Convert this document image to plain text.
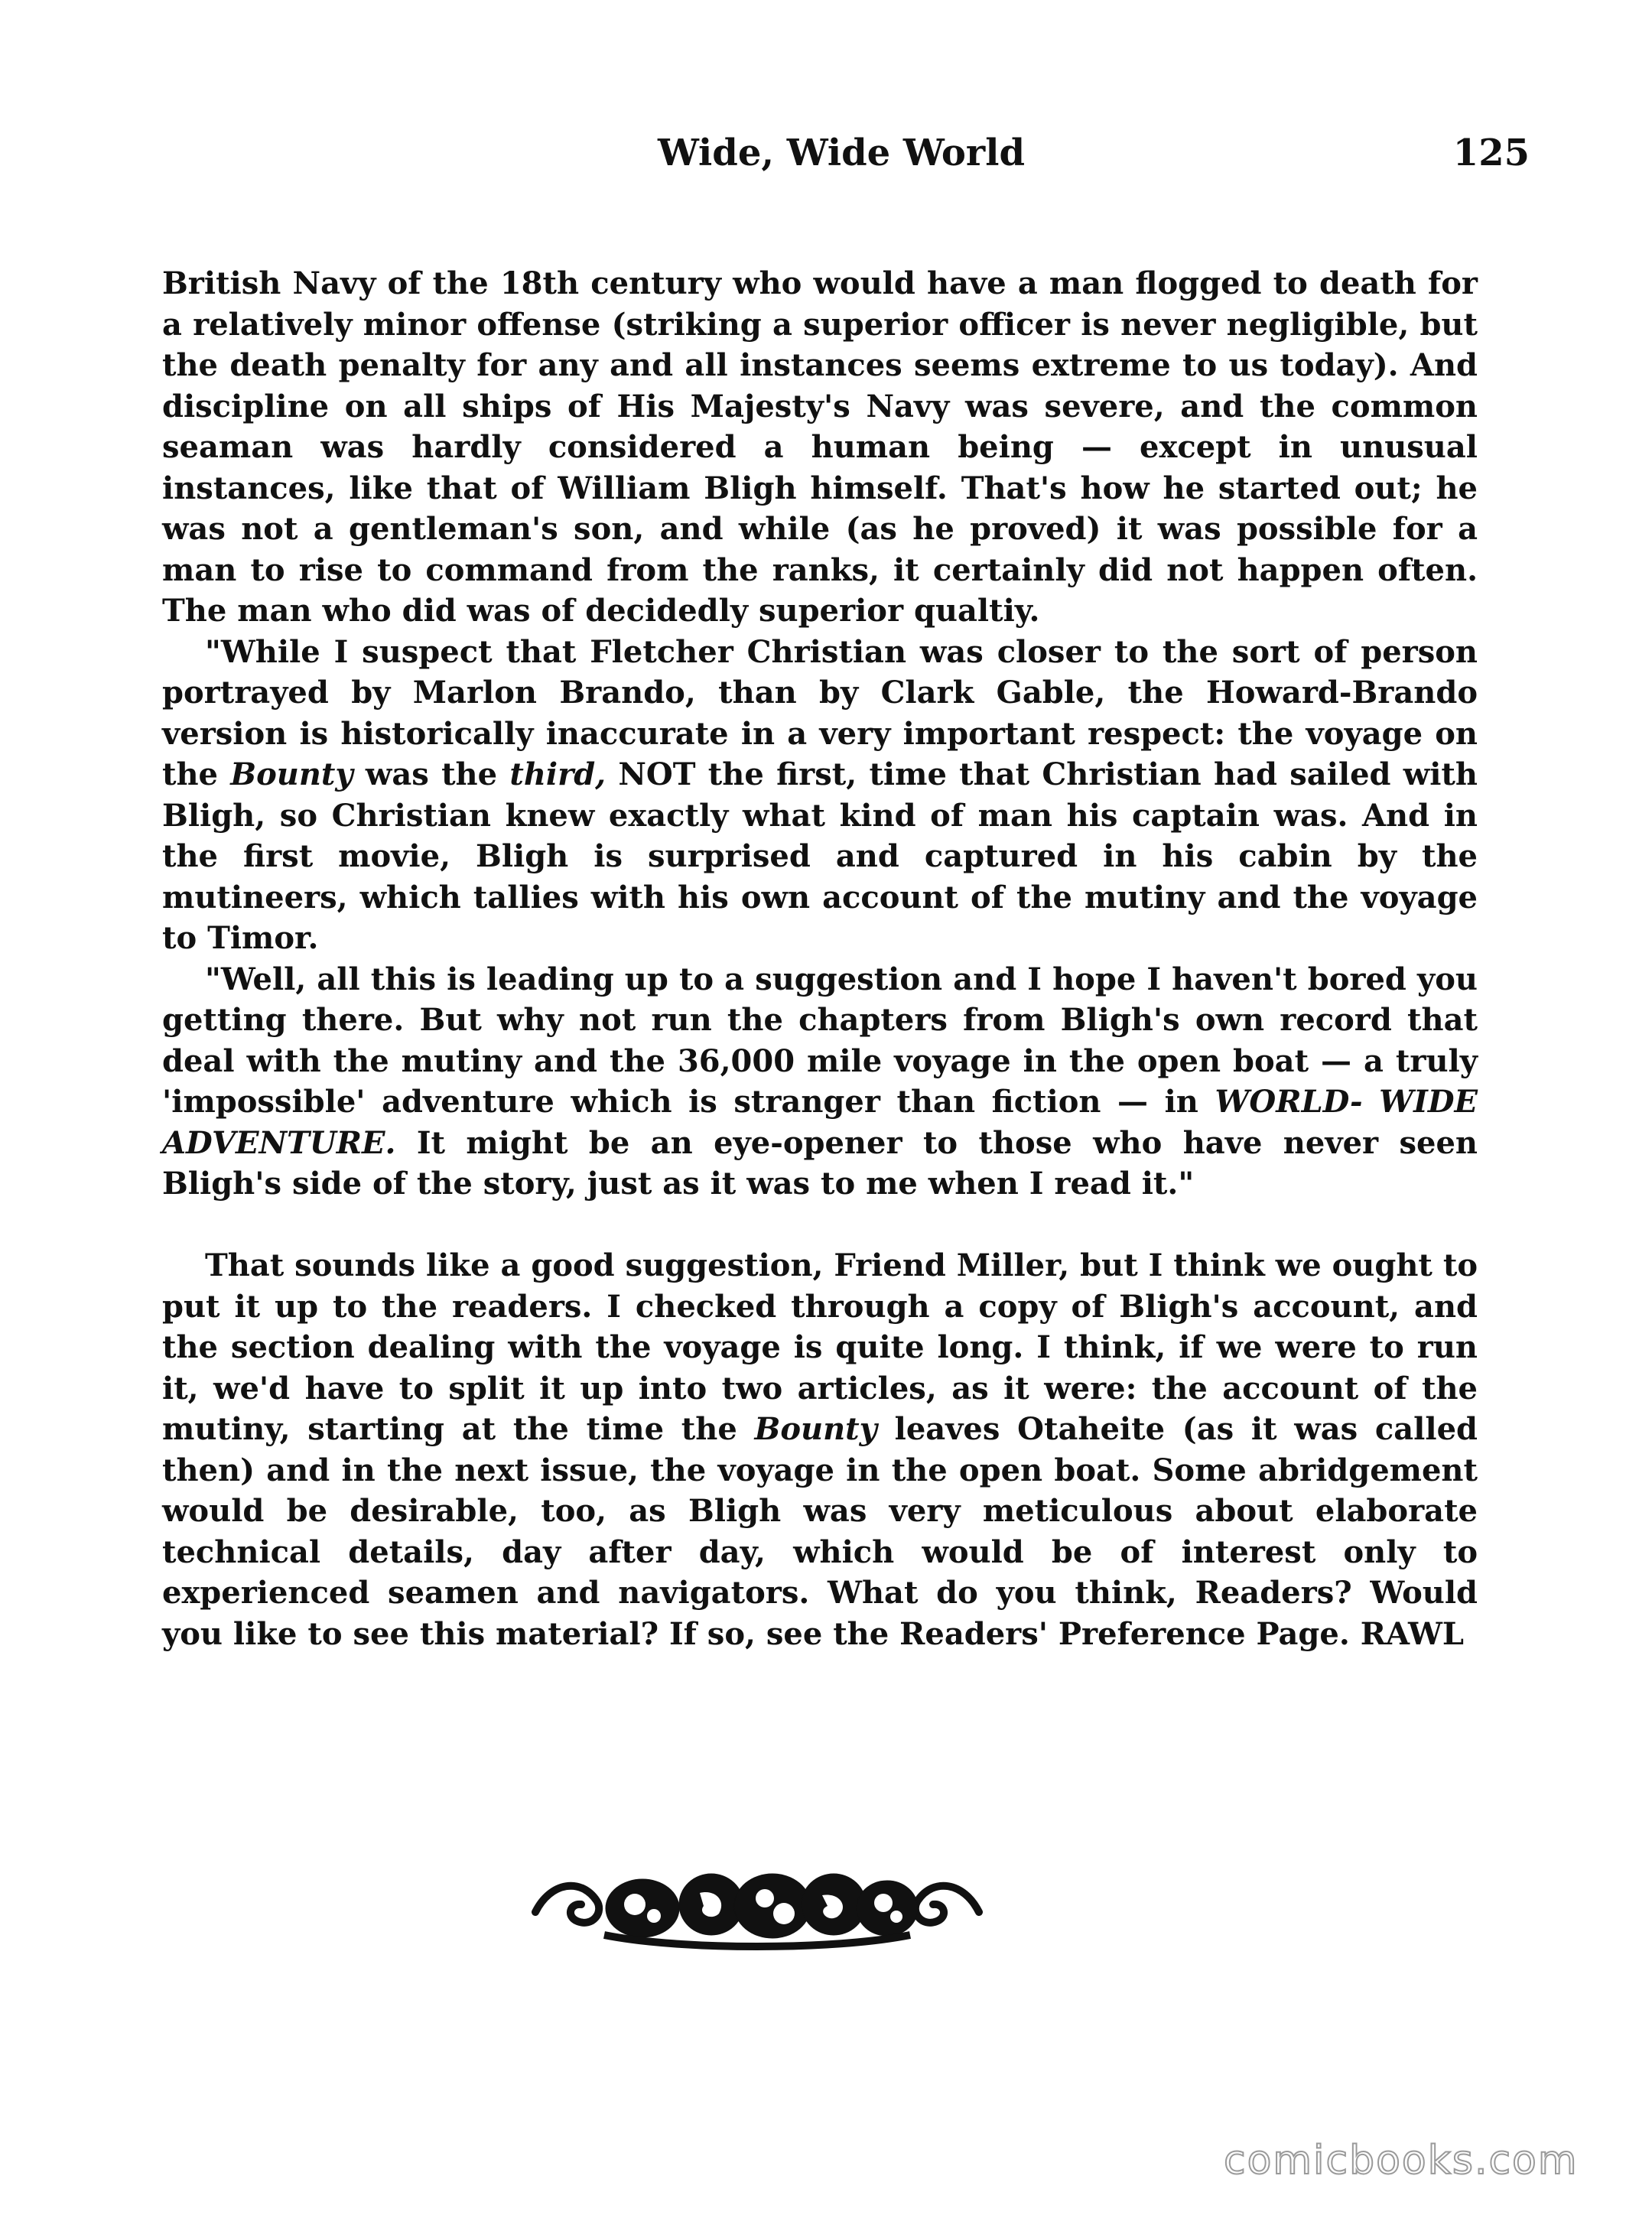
Wide, Wide World	125

British Navy of the 18th century who would have a man flogged to death for a relatively minor offense (striking a superior officer is never negligible, but the death penalty for any and all instances seems extreme to us today). And discipline on all ships of His Majesty's Navy was severe, and the common seaman was hardly considered a human being — except in unusual instances, like that of William Bligh himself. That's how he started out; he was not a gentleman's son, and while (as he proved) it was possible for a man to rise to command from the ranks, it certainly did not happen often. The man who did was of decidedly superior qualtiy.

"While I suspect that Fletcher Christian was closer to the sort of person portrayed by Marlon Brando, than by Clark Gable, the Howard-Brando version is historically inaccurate in a very important respect: the voyage on the Bounty was the third, NOT the first, time that Christian had sailed with Bligh, so Christian knew exactly what kind of man his captain was. And in the first movie, Bligh is surprised and captured in his cabin by the mutineers, which tallies with his own account of the mutiny and the voyage to Timor.

"Well, all this is leading up to a suggestion and I hope I haven't bored you getting there. But why not run the chapters from Bligh's own record that deal with the mutiny and the 36,000 mile voyage in the open boat — a truly 'impossible' adventure which is stranger than fiction — in WORLD- WIDE ADVENTURE. It might be an eye-opener to those who have never seen Bligh's side of the story, just as it was to me when I read it."

That sounds like a good suggestion, Friend Miller, but I think we ought to put it up to the readers. I checked through a copy of Bligh's account, and the section dealing with the voyage is quite long. I think, if we were to run it, we'd have to split it up into two articles, as it were: the account of the mutiny, starting at the time the Bounty leaves Otaheite (as it was called then) and in the next issue, the voyage in the open boat. Some abridgement would be desirable, too, as Bligh was very meticulous about elaborate technical details, day after day, which would be of interest only to experienced seamen and navigators. What do you think, Readers? Would you like to see this material? If so, see the Readers' Preference Page. RAWL

comicbooks.com
